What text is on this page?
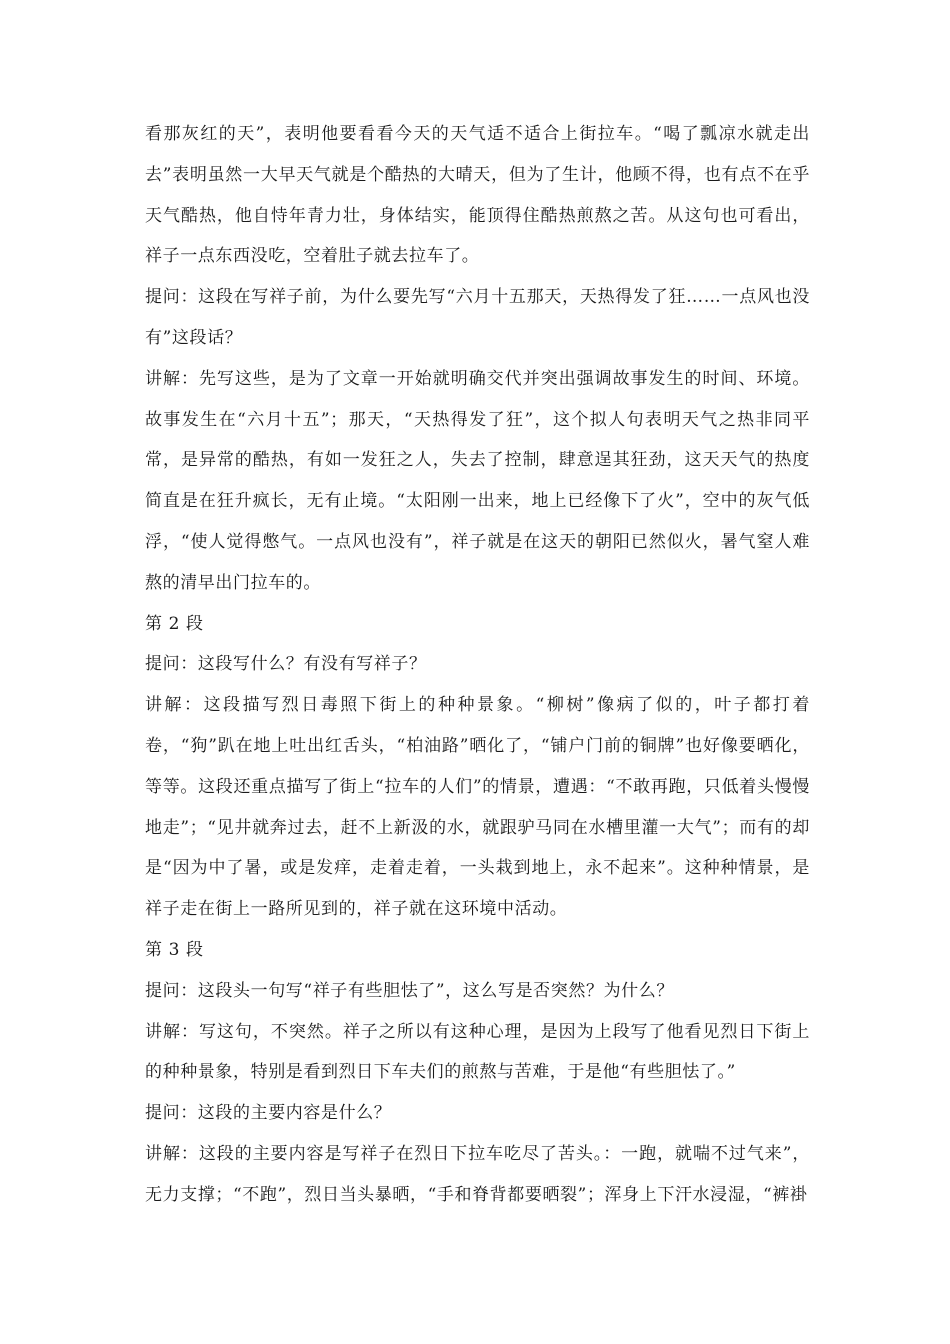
看那灰红的天”，表明他要看看今天的天气适不适合上街拉车。“喝了瓢凉水就走出去”表明虽然一大早天气就是个酷热的大晴天，但为了生计，他顾不得，也有点不在乎天气酷热，他自恃年青力壮，身体结实，能顶得住酷热煎熬之苦。从这句也可看出，祥子一点东西没吃，空着肚子就去拉车了。

提问：这段在写祥子前，为什么要先写“六月十五那天，天热得发了狂……一点风也没有”这段话？

讲解：先写这些，是为了文章一开始就明确交代并突出强调故事发生的时间、环境。故事发生在“六月十五”；那天，“天热得发了狂”，这个拟人句表明天气之热非同平常，是异常的酷热，有如一发狂之人，失去了控制，肆意逞其狂劲，这天天气的热度简直是在狂升疯长，无有止境。“太阳刚一出来，地上已经像下了火”，空中的灰气低浮，“使人觉得憋气。一点风也没有”，祥子就是在这天的朝阳已然似火，暑气窒人难熬的清早出门拉车的。

第 2 段

提问：这段写什么？有没有写祥子？

讲解：这段描写烈日毒照下街上的种种景象。“柳树”像病了似的，叶子都打着卷，“狗”趴在地上吐出红舌头，“柏油路”晒化了，“铺户门前的铜牌”也好像要晒化，等等。这段还重点描写了街上“拉车的人们”的情景，遭遇：“不敢再跑，只低着头慢慢地走”；“见井就奔过去，赶不上新汲的水，就跟驴马同在水槽里灌一大气”；而有的却是“因为中了暑，或是发痒，走着走着，一头栽到地上，永不起来”。这种种情景，是祥子走在街上一路所见到的，祥子就在这环境中活动。

第 3 段

提问：这段头一句写“祥子有些胆怯了”，这么写是否突然？为什么？

讲解：写这句，不突然。祥子之所以有这种心理，是因为上段写了他看见烈日下街上的种种景象，特别是看到烈日下车夫们的煎熬与苦难，于是他“有些胆怯了。”

提问：这段的主要内容是什么？

讲解：这段的主要内容是写祥子在烈日下拉车吃尽了苦头。：一跑，就喘不过气来”，无力支撑；“不跑”，烈日当头暴晒，“手和脊背都要晒裂”；浑身上下汗水浸湿，“裤褂
